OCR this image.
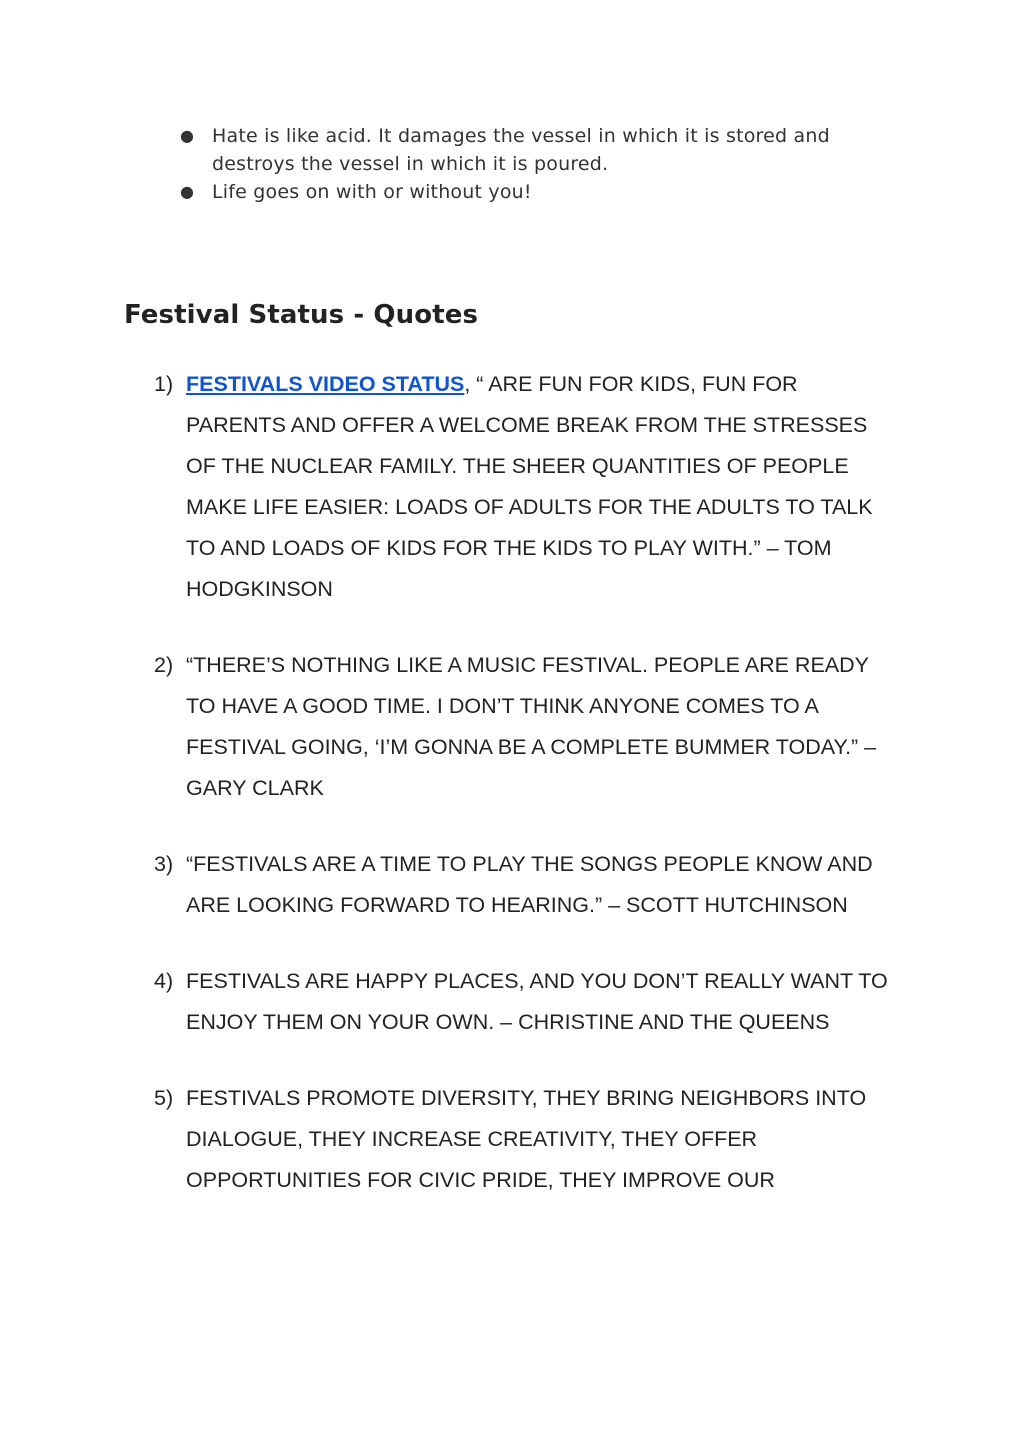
● Hate is like acid. It damages the vessel in which it is stored and destroys the vessel in which it is poured.
● Life goes on with or without you!
Festival Status - Quotes
1) FESTIVALS VIDEO STATUS, “ ARE FUN FOR KIDS, FUN FOR PARENTS AND OFFER A WELCOME BREAK FROM THE STRESSES OF THE NUCLEAR FAMILY. THE SHEER QUANTITIES OF PEOPLE MAKE LIFE EASIER: LOADS OF ADULTS FOR THE ADULTS TO TALK TO AND LOADS OF KIDS FOR THE KIDS TO PLAY WITH.” – TOM HODGKINSON
2) “THERE’S NOTHING LIKE A MUSIC FESTIVAL. PEOPLE ARE READY TO HAVE A GOOD TIME. I DON’T THINK ANYONE COMES TO A FESTIVAL GOING, ‘I’M GONNA BE A COMPLETE BUMMER TODAY.” – GARY CLARK
3) “FESTIVALS ARE A TIME TO PLAY THE SONGS PEOPLE KNOW AND ARE LOOKING FORWARD TO HEARING.” – SCOTT HUTCHINSON
4) FESTIVALS ARE HAPPY PLACES, AND YOU DON’T REALLY WANT TO ENJOY THEM ON YOUR OWN. – CHRISTINE AND THE QUEENS
5) FESTIVALS PROMOTE DIVERSITY, THEY BRING NEIGHBORS INTO DIALOGUE, THEY INCREASE CREATIVITY, THEY OFFER OPPORTUNITIES FOR CIVIC PRIDE, THEY IMPROVE OUR
